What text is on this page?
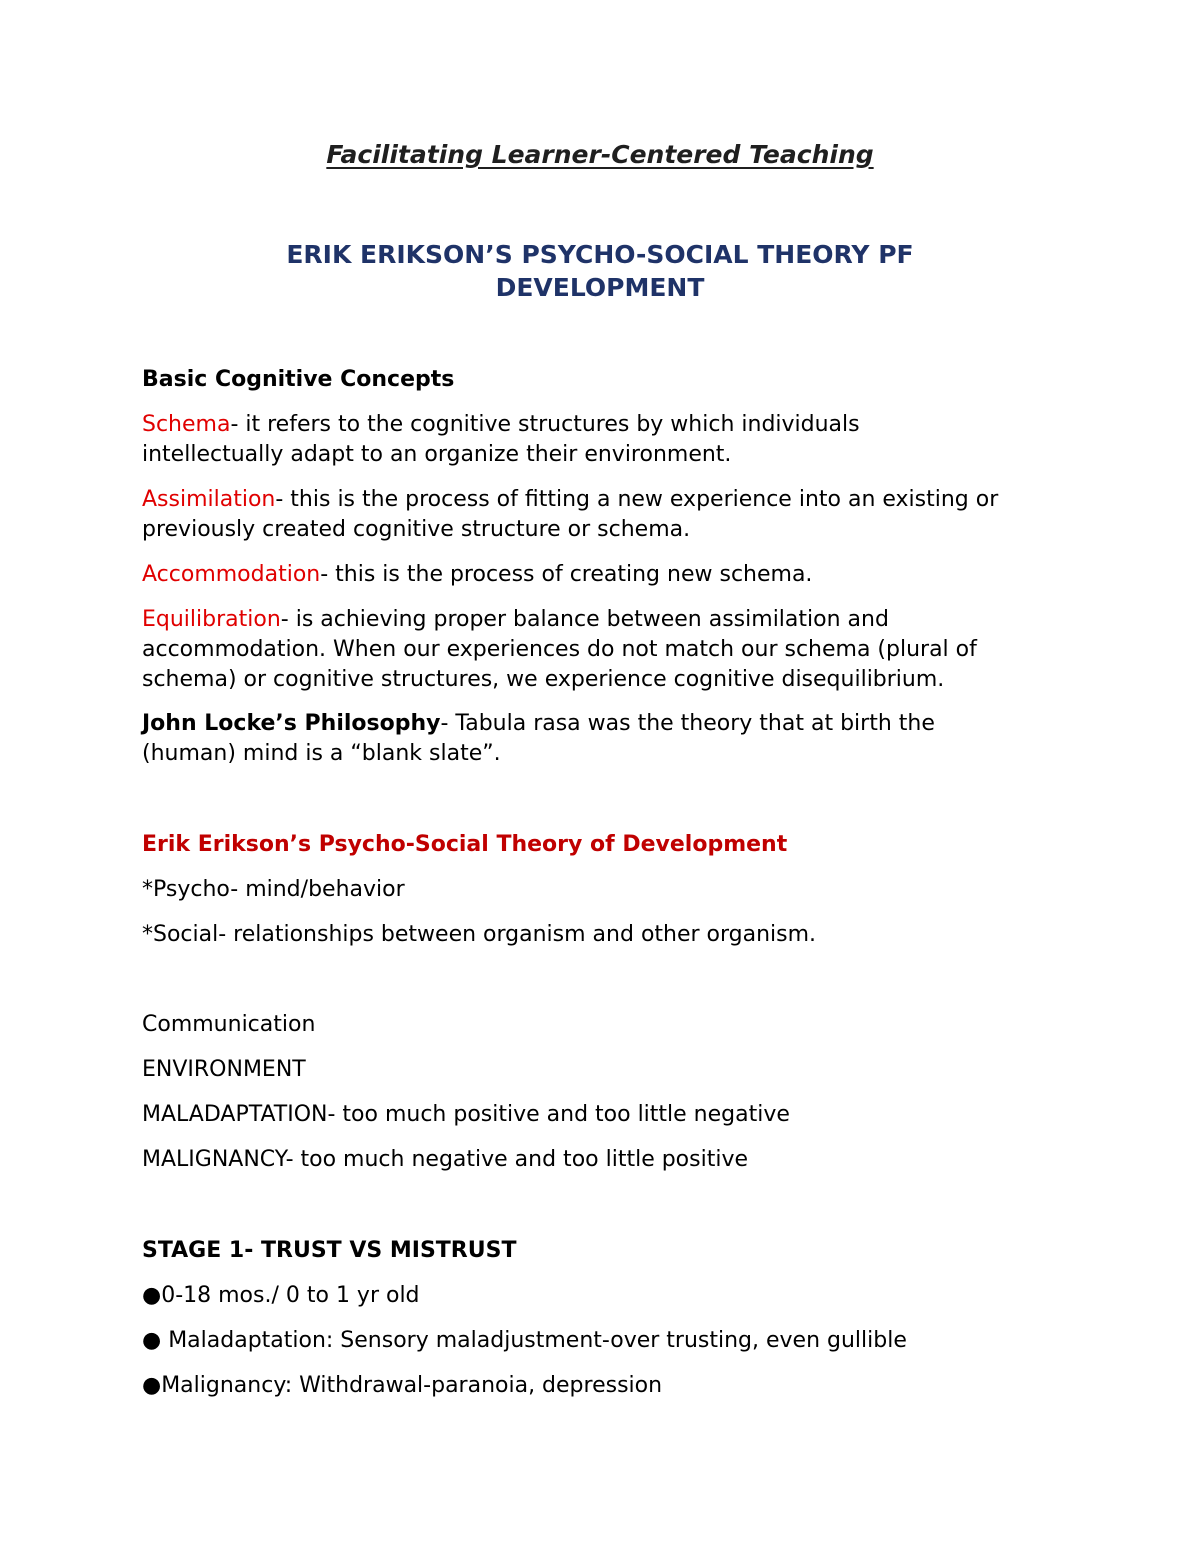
Facilitating Learner-Centered Teaching
ERIK ERIKSON’S PSYCHO-SOCIAL THEORY PF
DEVELOPMENT
Basic Cognitive Concepts
Schema- it refers to the cognitive structures by which individuals
intellectually adapt to an organize their environment.
Assimilation- this is the process of fitting a new experience into an existing or
previously created cognitive structure or schema.
Accommodation- this is the process of creating new schema.
Equilibration- is achieving proper balance between assimilation and
accommodation. When our experiences do not match our schema (plural of
schema) or cognitive structures, we experience cognitive disequilibrium.
John Locke’s Philosophy- Tabula rasa was the theory that at birth the
(human) mind is a “blank slate”.
Erik Erikson’s Psycho-Social Theory of Development
*Psycho- mind/behavior
*Social- relationships between organism and other organism.
Communication
ENVIRONMENT
MALADAPTATION- too much positive and too little negative
MALIGNANCY- too much negative and too little positive
STAGE 1- TRUST VS MISTRUST
●0-18 mos./ 0 to 1 yr old
● Maladaptation: Sensory maladjustment-over trusting, even gullible
●Malignancy: Withdrawal-paranoia, depression
